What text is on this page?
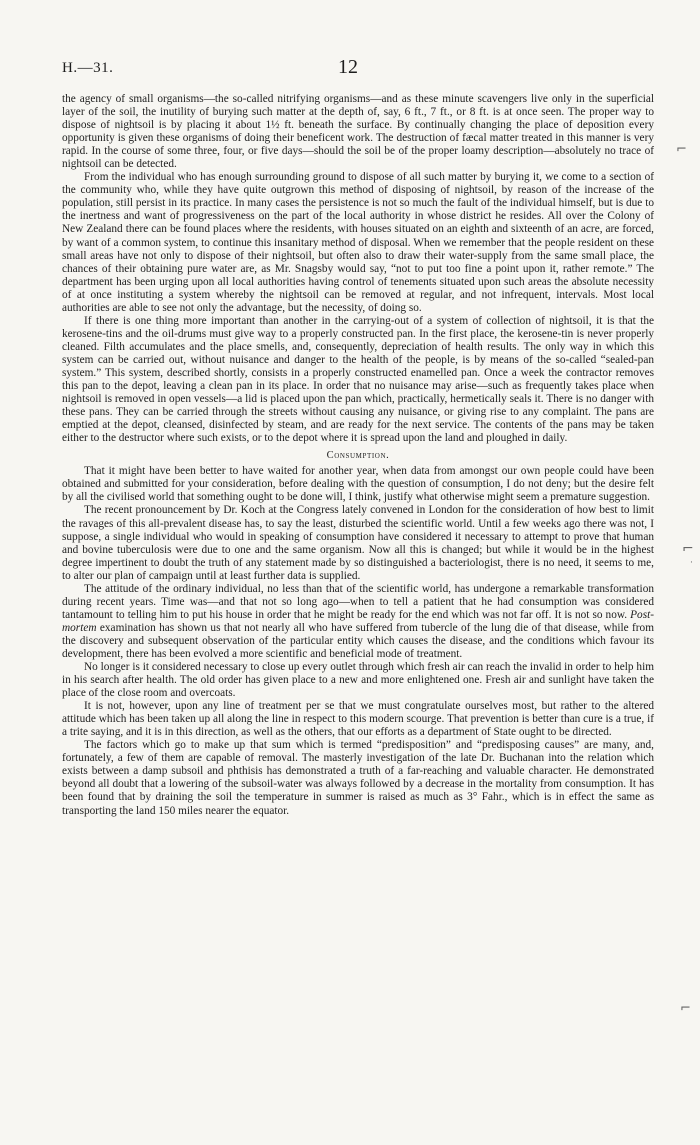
H.—31.	12

the agency of small organisms—the so-called nitrifying organisms—and as these minute scavengers live only in the superficial layer of the soil, the inutility of burying such matter at the depth of, say, 6 ft., 7 ft., or 8 ft. is at once seen. The proper way to dispose of nightsoil is by placing it about 1½ ft. beneath the surface. By continually changing the place of deposition every opportunity is given these organisms of doing their beneficent work. The destruction of fæcal matter treated in this manner is very rapid. In the course of some three, four, or five days—should the soil be of the proper loamy description—absolutely no trace of nightsoil can be detected.

From the individual who has enough surrounding ground to dispose of all such matter by burying it, we come to a section of the community who, while they have quite outgrown this method of disposing of nightsoil, by reason of the increase of the population, still persist in its practice. In many cases the persistence is not so much the fault of the individual himself, but is due to the inertness and want of progressiveness on the part of the local authority in whose district he resides. All over the Colony of New Zealand there can be found places where the residents, with houses situated on an eighth and sixteenth of an acre, are forced, by want of a common system, to continue this insanitary method of disposal. When we remember that the people resident on these small areas have not only to dispose of their nightsoil, but often also to draw their water-supply from the same small place, the chances of their obtaining pure water are, as Mr. Snagsby would say, “not to put too fine a point upon it, rather remote.” The department has been urging upon all local authorities having control of tenements situated upon such areas the absolute necessity of at once instituting a system whereby the nightsoil can be removed at regular, and not infrequent, intervals. Most local authorities are able to see not only the advantage, but the necessity, of doing so.

If there is one thing more important than another in the carrying-out of a system of collection of nightsoil, it is that the kerosene-tins and the oil-drums must give way to a properly constructed pan. In the first place, the kerosene-tin is never properly cleaned. Filth accumulates and the place smells, and, consequently, depreciation of health results. The only way in which this system can be carried out, without nuisance and danger to the health of the people, is by means of the so-called “sealed-pan system.” This system, described shortly, consists in a properly constructed enamelled pan. Once a week the contractor removes this pan to the depot, leaving a clean pan in its place. In order that no nuisance may arise—such as frequently takes place when nightsoil is removed in open vessels—a lid is placed upon the pan which, practically, hermetically seals it. There is no danger with these pans. They can be carried through the streets without causing any nuisance, or giving rise to any complaint. The pans are emptied at the depot, cleansed, disinfected by steam, and are ready for the next service. The contents of the pans may be taken either to the destructor where such exists, or to the depot where it is spread upon the land and ploughed in daily.

Consumption.

That it might have been better to have waited for another year, when data from amongst our own people could have been obtained and submitted for your consideration, before dealing with the question of consumption, I do not deny; but the desire felt by all the civilised world that something ought to be done will, I think, justify what otherwise might seem a premature suggestion.

The recent pronouncement by Dr. Koch at the Congress lately convened in London for the consideration of how best to limit the ravages of this all-prevalent disease has, to say the least, disturbed the scientific world. Until a few weeks ago there was not, I suppose, a single individual who would in speaking of consumption have considered it necessary to attempt to prove that human and bovine tuberculosis were due to one and the same organism. Now all this is changed; but while it would be in the highest degree impertinent to doubt the truth of any statement made by so distinguished a bacteriologist, there is no need, it seems to me, to alter our plan of campaign until at least further data is supplied.

The attitude of the ordinary individual, no less than that of the scientific world, has undergone a remarkable transformation during recent years. Time was—and that not so long ago—when to tell a patient that he had consumption was considered tantamount to telling him to put his house in order that he might be ready for the end which was not far off. It is not so now. Post-mortem examination has shown us that not nearly all who have suffered from tubercle of the lung die of that disease, while from the discovery and subsequent observation of the particular entity which causes the disease, and the conditions which favour its development, there has been evolved a more scientific and beneficial mode of treatment.

No longer is it considered necessary to close up every outlet through which fresh air can reach the invalid in order to help him in his search after health. The old order has given place to a new and more enlightened one. Fresh air and sunlight have taken the place of the close room and overcoats.

It is not, however, upon any line of treatment per se that we must congratulate ourselves most, but rather to the altered attitude which has been taken up all along the line in respect to this modern scourge. That prevention is better than cure is a true, if a trite saying, and it is in this direction, as well as the others, that our efforts as a department of State ought to be directed.

The factors which go to make up that sum which is termed “predisposition” and “predisposing causes” are many, and, fortunately, a few of them are capable of removal. The masterly investigation of the late Dr. Buchanan into the relation which exists between a damp subsoil and phthisis has demonstrated a truth of a far-reaching and valuable character. He demonstrated beyond all doubt that a lowering of the subsoil-water was always followed by a decrease in the mortality from consumption. It has been found that by draining the soil the temperature in summer is raised as much as 3° Fahr., which is in effect the same as transporting the land 150 miles nearer the equator.

⌐
⌐
·
⌐
